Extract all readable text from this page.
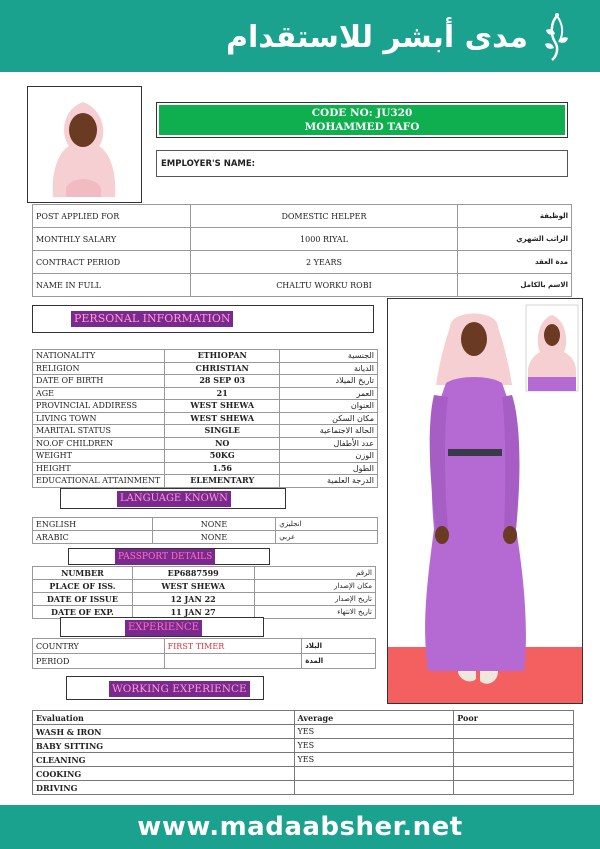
مدى أبشر للاستقدام
CODE NO: JU320
MOHAMMED TAFO
EMPLOYER'S NAME:
POST APPLIED FOR	DOMESTIC HELPER	الوظيفة
MONTHLY SALARY	1000 RIYAL	الراتب الشهري
CONTRACT PERIOD	2 YEARS	مدة العقد
NAME IN FULL	CHALTU WORKU ROBI	الاسم بالكامل
PERSONAL INFORMATION
NATIONALITY	ETHIOPAN	الجنسية
RELIGION	CHRISTIAN	الديانة
DATE OF BIRTH	28 SEP 03	تاريخ الميلاد
AGE	21	العمر
PROVINCIAL ADDIRESS	WEST SHEWA	العنوان
LIVING TOWN	WEST SHEWA	مكان السكن
MARITAL STATUS	SINGLE	الحالة الاجتماعية
NO.OF CHILDREN	NO	عدد الأطفال
WEIGHT	50KG	الوزن
HEIGHT	1.56	الطول
EDUCATIONAL ATTAINMENT	ELEMENTARY	الدرجة العلمية
LANGUAGE KNOWN
ENGLISH	NONE	انجليزي
ARABIC	NONE	عربي
PASSPORT DETAILS
NUMBER	EP6887599	الرقم
PLACE OF ISS.	WEST SHEWA	مكان الإصدار
DATE OF ISSUE	12 JAN 22	تاريخ الإصدار
DATE OF EXP.	11 JAN 27	تاريخ الانتهاء
EXPERIENCE
COUNTRY	FIRST TIMER	البلاد
PERIOD		المدة
WORKING EXPERIENCE
Evaluation	Average	Poor
WASH & IRON	YES	
BABY SITTING	YES	
CLEANING	YES	
COOKING		
DRIVING		
www.madaabsher.net
